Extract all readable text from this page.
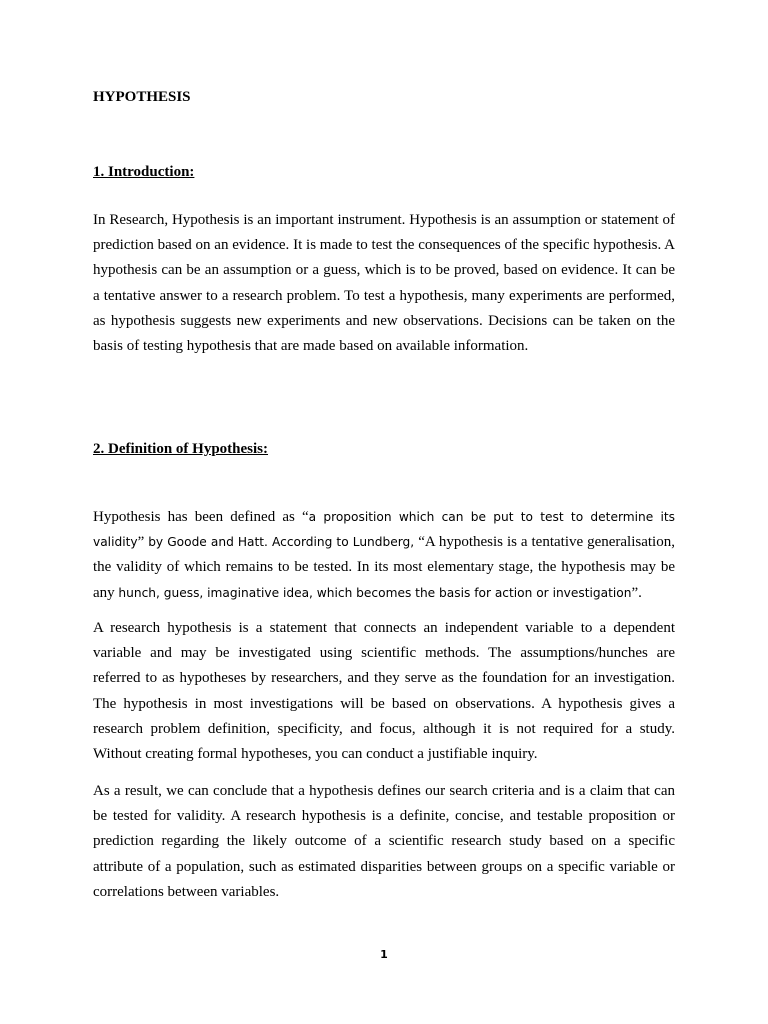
HYPOTHESIS
1. Introduction:

In Research, Hypothesis is an important instrument. Hypothesis is an assumption or statement of prediction based on an evidence. It is made to test the consequences of the specific hypothesis. A hypothesis can be an assumption or a guess, which is to be proved, based on evidence. It can be a tentative answer to a research problem. To test a hypothesis, many experiments are performed, as hypothesis suggests new experiments and new observations. Decisions can be taken on the basis of testing hypothesis that are made based on available information.

2. Definition of Hypothesis:

Hypothesis has been defined as “a proposition which can be put to test to determine its validity” by Goode and Hatt. According to Lundberg, “A hypothesis is a tentative generalisation, the validity of which remains to be tested. In its most elementary stage, the hypothesis may be any hunch, guess, imaginative idea, which becomes the basis for action or investigation”.

A research hypothesis is a statement that connects an independent variable to a dependent variable and may be investigated using scientific methods. The assumptions/hunches are referred to as hypotheses by researchers, and they serve as the foundation for an investigation. The hypothesis in most investigations will be based on observations. A hypothesis gives a research problem definition, specificity, and focus, although it is not required for a study. Without creating formal hypotheses, you can conduct a justifiable inquiry.

As a result, we can conclude that a hypothesis defines our search criteria and is a claim that can be tested for validity. A research hypothesis is a definite, concise, and testable proposition or prediction regarding the likely outcome of a scientific research study based on a specific attribute of a population, such as estimated disparities between groups on a specific variable or correlations between variables.

1
